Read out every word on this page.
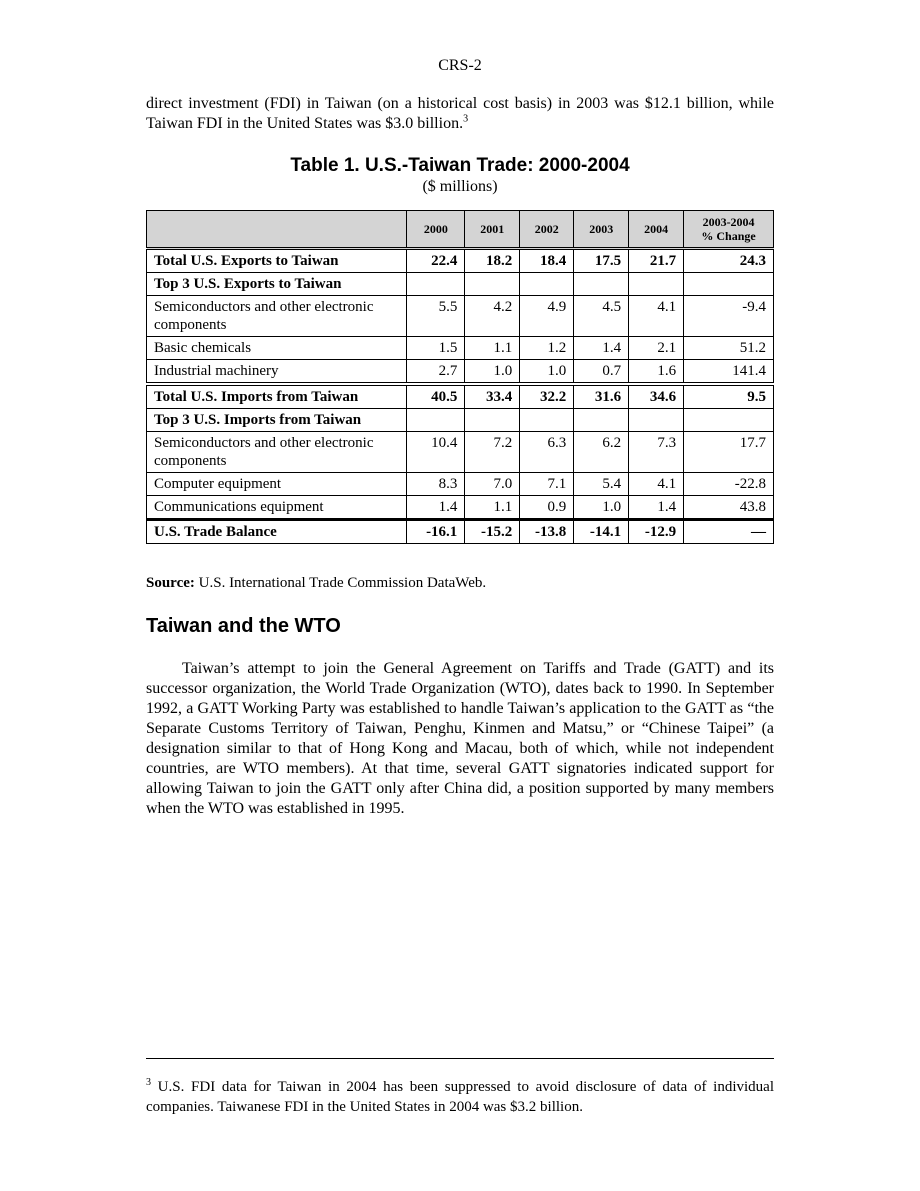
CRS-2

direct investment (FDI) in Taiwan (on a historical cost basis) in 2003 was $12.1 billion, while Taiwan FDI in the United States was $3.0 billion.$^3$

Table 1. U.S.-Taiwan Trade: 2000-2004
($ millions)
	2000	2001	2002	2003	2004	2003-2004
% Change
Total U.S. Exports to Taiwan	22.4	18.2	18.4	17.5	21.7	24.3
Top 3 U.S. Exports to Taiwan						
Semiconductors and other electronic components	5.5	4.2	4.9	4.5	4.1	-9.4
Basic chemicals	1.5	1.1	1.2	1.4	2.1	51.2
Industrial machinery	2.7	1.0	1.0	0.7	1.6	141.4
Total U.S. Imports from Taiwan	40.5	33.4	32.2	31.6	34.6	9.5
Top 3 U.S. Imports from Taiwan						
Semiconductors and other electronic components	10.4	7.2	6.3	6.2	7.3	17.7
Computer equipment	8.3	7.0	7.1	5.4	4.1	-22.8
Communications equipment	1.4	1.1	0.9	1.0	1.4	43.8
U.S. Trade Balance	-16.1	-15.2	-13.8	-14.1	-12.9	—
Source: U.S. International Trade Commission DataWeb.
Taiwan and the WTO

Taiwan’s attempt to join the General Agreement on Tariffs and Trade (GATT) and its successor organization, the World Trade Organization (WTO), dates back to 1990. In September 1992, a GATT Working Party was established to handle Taiwan’s application to the GATT as “the Separate Customs Territory of Taiwan, Penghu, Kinmen and Matsu,” or “Chinese Taipei” (a designation similar to that of Hong Kong and Macau, both of which, while not independent countries, are WTO members). At that time, several GATT signatories indicated support for allowing Taiwan to join the GATT only after China did, a position supported by many members when the WTO was established in 1995.

$^3$ U.S. FDI data for Taiwan in 2004 has been suppressed to avoid disclosure of data of individual companies. Taiwanese FDI in the United States in 2004 was $3.2 billion.
